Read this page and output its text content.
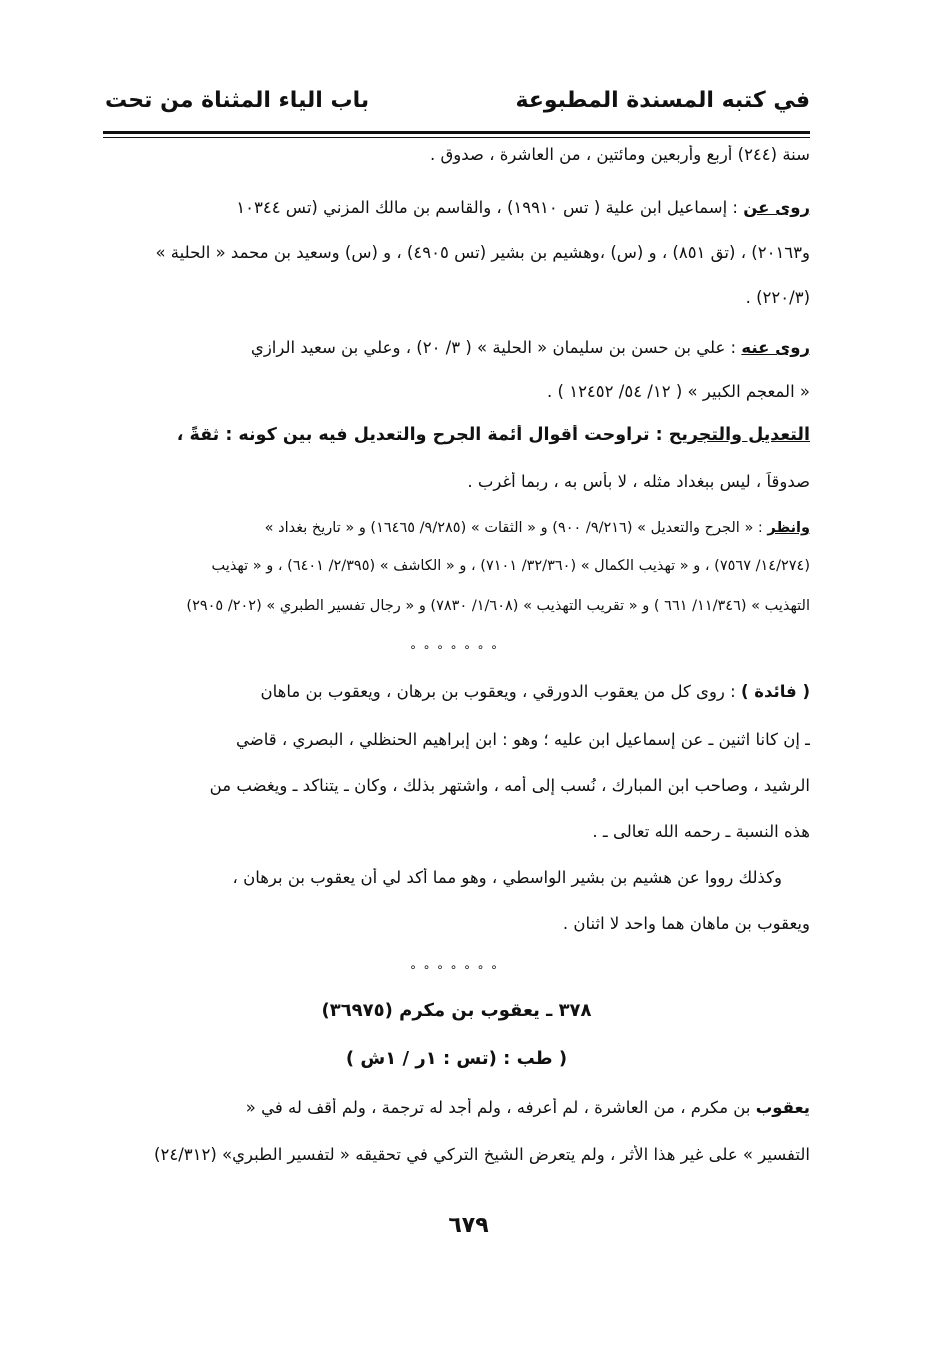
في كتبه المسندة المطبوعة
باب الياء المثناة من تحت
سنة (٢٤٤) أربع وأربعين ومائتين ، من العاشرة ، صدوق .
روى عن : إسماعيل ابن علية ( تس ١٩٩١٠) ، والقاسم بن مالك المزني (تس ١٠٣٤٤
و٢٠١٦٣) ، (تق ٨٥١) ، و (س) ،وهشيم بن بشير (تس ٤٩٠٥) ، و (س) وسعيد بن محمد « الحلية »
(٢٢٠/٣) .
روى عنه : علي بن حسن بن سليمان « الحلية » ( ٣/ ٢٠) ، وعلي بن سعيد الرازي
« المعجم الكبير » ( ١٢/ ٥٤/ ١٢٤٥٢ ) .
التعديل والتجريح : تراوحت أقوال أئمة الجرح والتعديل فيه بين كونه : ثقةً ،
صدوقاً ، ليس ببغداد مثله ، لا بأس به ، ربما أغرب .
وانظر : « الجرح والتعديل » (٩/٢١٦/ ٩٠٠) و « الثقات » (٩/٢٨٥/ ١٦٤٦٥) و « تاريخ بغداد »
(١٤/٢٧٤/ ٧٥٦٧) ، و « تهذيب الكمال » (٣٢/٣٦٠/ ٧١٠١) ، و « الكاشف » (٢/٣٩٥/ ٦٤٠١) ، و « تهذيب
التهذيب » (١١/٣٤٦/ ٦٦١ ) و « تقريب التهذيب » (١/٦٠٨/ ٧٨٣٠) و « رجال تفسير الطبري » (٢٠٢/ ٢٩٠٥)
∘∘∘∘∘∘∘
( فائدة ) : روى كل من يعقوب الدورقي ، ويعقوب بن برهان ، ويعقوب بن ماهان
ـ إن كانا اثنين ـ عن إسماعيل ابن عليه ؛ وهو : ابن إبراهيم الحنظلي ، البصري ، قاضي
الرشيد ، وصاحب ابن المبارك ، نُسب إلى أمه ، واشتهر بذلك ، وكان ـ يتناكد ـ ويغضب من
هذه النسبة ـ رحمه الله تعالى ـ .
وكذلك رووا عن هشيم بن بشير الواسطي ، وهو مما أكد لي أن يعقوب بن برهان ،
ويعقوب بن ماهان هما واحد لا اثنان .
∘∘∘∘∘∘∘
٣٧٨ ـ يعقوب بن مكرم (٣٦٩٧٥)
( طب : (تس : ١ر / ١ش )
يعقوب بن مكرم ، من العاشرة ، لم أعرفه ، ولم أجد له ترجمة ، ولم أقف له في «
التفسير » على غير هذا الأثر ، ولم يتعرض الشيخ التركي في تحقيقه « لتفسير الطبري» (٢٤/٣١٢)
٦٧٩
